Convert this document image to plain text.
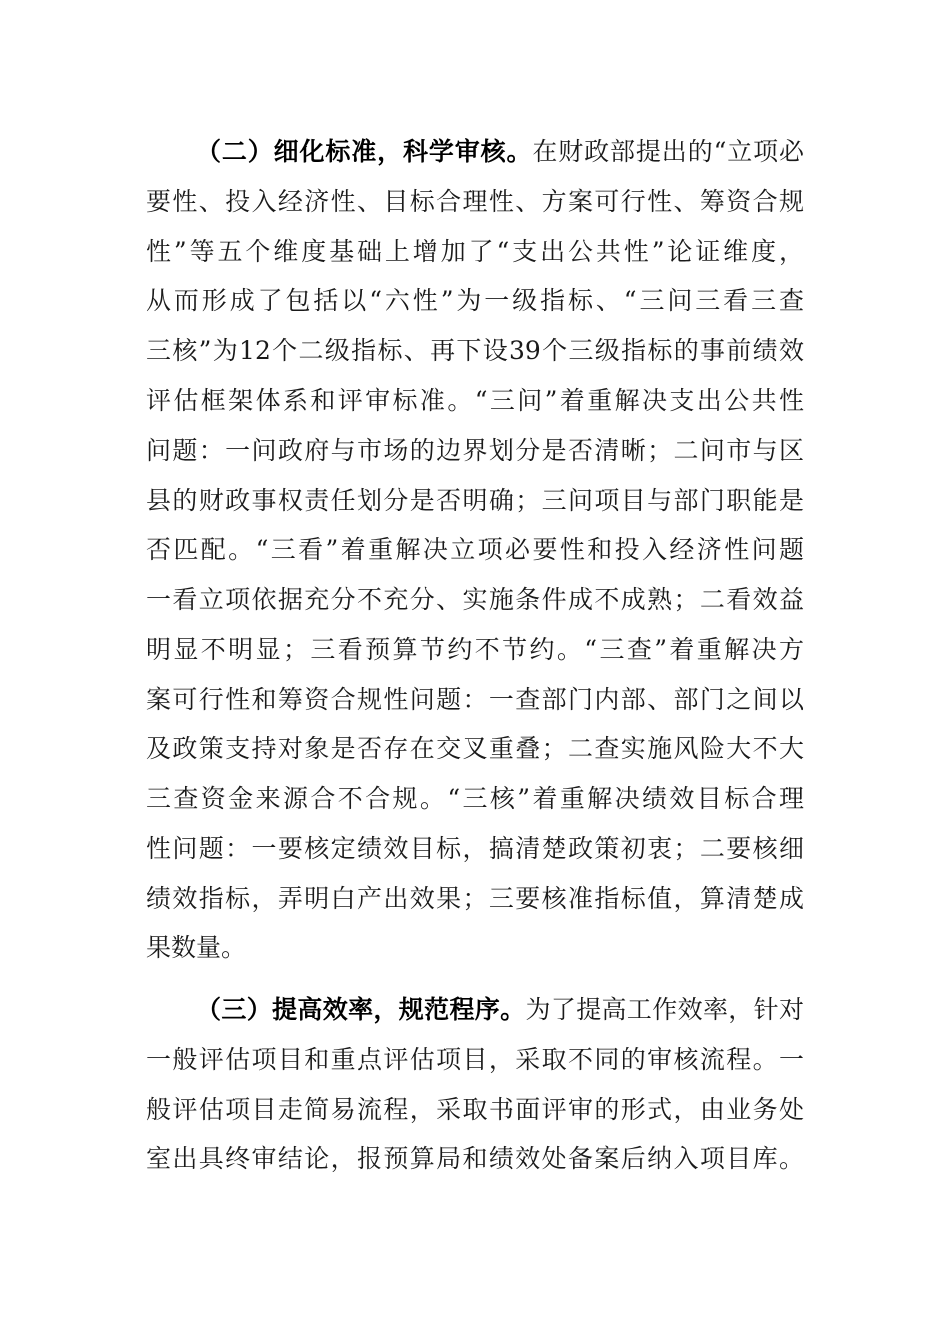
（二）细化标准，科学审核。在财政部提出的“立项必
要性、投入经济性、目标合理性、方案可行性、筹资合规
性”等五个维度基础上增加了“支出公共性”论证维度，
从而形成了包括以“六性”为一级指标、“三问三看三查
三核”为12个二级指标、再下设39个三级指标的事前绩效
评估框架体系和评审标准。“三问”着重解决支出公共性
问题：一问政府与市场的边界划分是否清晰；二问市与区
县的财政事权责任划分是否明确；三问项目与部门职能是
否匹配。“三看”着重解决立项必要性和投入经济性问题
一看立项依据充分不充分、实施条件成不成熟；二看效益
明显不明显；三看预算节约不节约。“三查”着重解决方
案可行性和筹资合规性问题：一查部门内部、部门之间以
及政策支持对象是否存在交叉重叠；二查实施风险大不大
三查资金来源合不合规。“三核”着重解决绩效目标合理
性问题：一要核定绩效目标，搞清楚政策初衷；二要核细
绩效指标，弄明白产出效果；三要核准指标值，算清楚成
果数量。
（三）提高效率，规范程序。为了提高工作效率，针对
一般评估项目和重点评估项目，采取不同的审核流程。一
般评估项目走简易流程，采取书面评审的形式，由业务处
室出具终审结论，报预算局和绩效处备案后纳入项目库。
